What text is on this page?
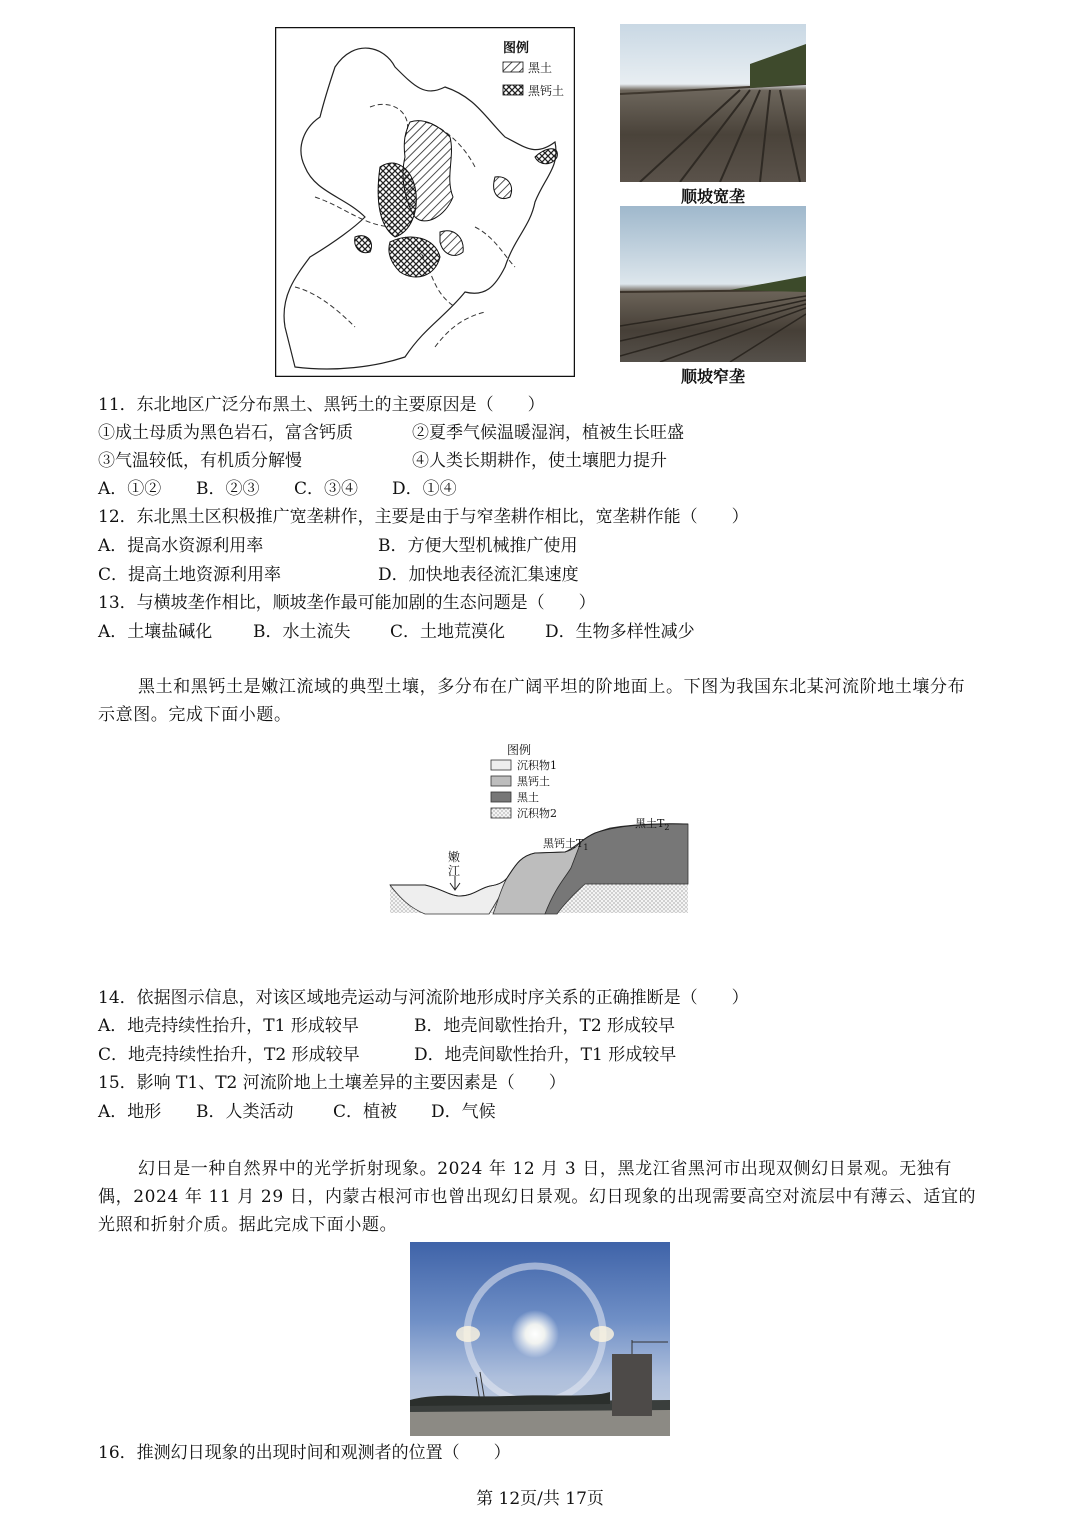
图例
黑土
黑钙土
顺坡宽垄
顺坡窄垄
11．东北地区广泛分布黑土、黑钙土的主要原因是（　　）
①成土母质为黑色岩石，富含钙质	②夏季气候温暖湿润，植被生长旺盛
③气温较低，有机质分解慢	④人类长期耕作，使土壤肥力提升
A．①② B．②③ C．③④ D．①④
12．东北黑土区积极推广宽垄耕作，主要是由于与窄垄耕作相比，宽垄耕作能（　　）
A．提高水资源利用率	B．方便大型机械推广使用
C．提高土地资源利用率	D．加快地表径流汇集速度
13．与横坡垄作相比，顺坡垄作最可能加剧的生态问题是（　　）
A．土壤盐碱化 B．水土流失 C．土地荒漠化 D．生物多样性减少
黑土和黑钙土是嫩江流域的典型土壤，多分布在广阔平坦的阶地面上。下图为我国东北某河流阶地土壤分布示意图。完成下面小题。
图例
沉积物1
黑钙土
黑土
沉积物2
嫩
江
黑钙土$T_1$
黑土$T_2$
14．依据图示信息，对该区域地壳运动与河流阶地形成时序关系的正确推断是（　　）
A．地壳持续性抬升，T1 形成较早	B．地壳间歇性抬升，T2 形成较早
C．地壳持续性抬升，T2 形成较早	D．地壳间歇性抬升，T1 形成较早
15．影响 T1、T2 河流阶地上土壤差异的主要因素是（　　）
A．地形 B．人类活动 C．植被 D．气候
幻日是一种自然界中的光学折射现象。2024 年 12 月 3 日，黑龙江省黑河市出现双侧幻日景观。无独有偶，2024 年 11 月 29 日，内蒙古根河市也曾出现幻日景观。幻日现象的出现需要高空对流层中有薄云、适宜的光照和折射介质。据此完成下面小题。
16．推测幻日现象的出现时间和观测者的位置（　　）
第 12页/共 17页
